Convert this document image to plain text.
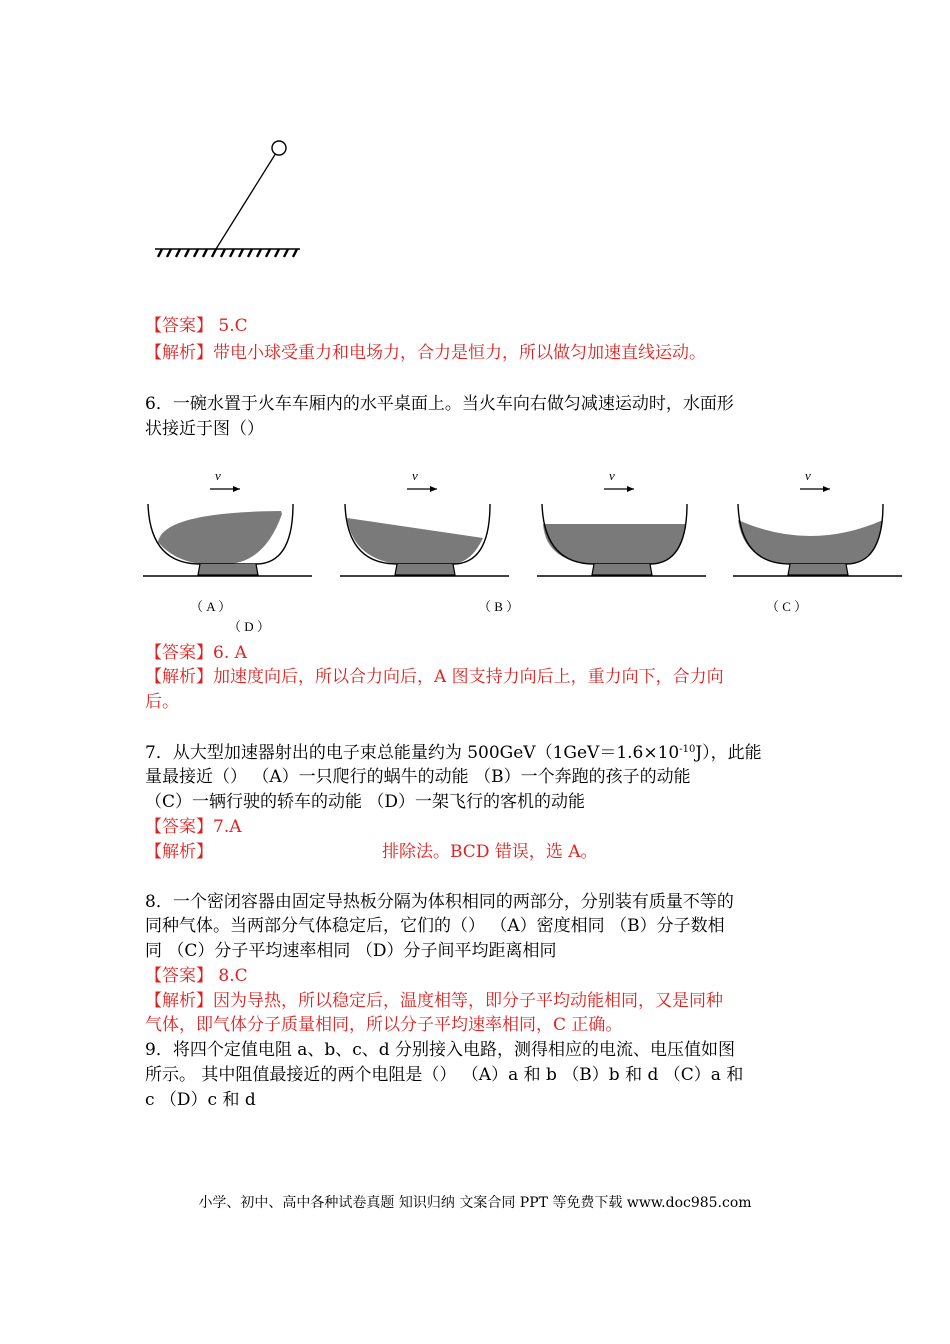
【答案】 5.C
【解析】带电小球受重力和电场力，合力是恒力，所以做匀加速直线运动。
6．一碗水置于火车车厢内的水平桌面上。当火车向右做匀减速运动时，水面形
状接近于图（）
v	v	v	v
（ A ）	（ B ）	（ C ）
（ D ）
【答案】6. A
【解析】加速度向后，所以合力向后，A 图支持力向后上，重力向下，合力向
后。
7．从大型加速器射出的电子束总能量约为 $500GeV(1GeV=1.6\times 10^{-10}J)$，此能
量最接近（） （A）一只爬行的蜗牛的动能 （B）一个奔跑的孩子的动能
（C）一辆行驶的轿车的动能 （D）一架飞行的客机的动能
【答案】7.A
【解析】	排除法。BCD 错误，选 A。
8．一个密闭容器由固定导热板分隔为体积相同的两部分，分别装有质量不等的
同种气体。当两部分气体稳定后，它们的（） （A）密度相同 （B）分子数相
同 （C）分子平均速率相同 （D）分子间平均距离相同
【答案】 8.C
【解析】因为导热，所以稳定后，温度相等，即分子平均动能相同，又是同种
气体，即气体分子质量相同，所以分子平均速率相同，C 正确。
9．将四个定值电阻 a、b、c、d 分别接入电路，测得相应的电流、电压值如图
所示。 其中阻值最接近的两个电阻是（） （A）a 和 b （B）b 和 d （C）a 和
c （D）c 和 d
小学、初中、高中各种试卷真题 知识归纳 文案合同 PPT 等免费下载 www.doc985.com
